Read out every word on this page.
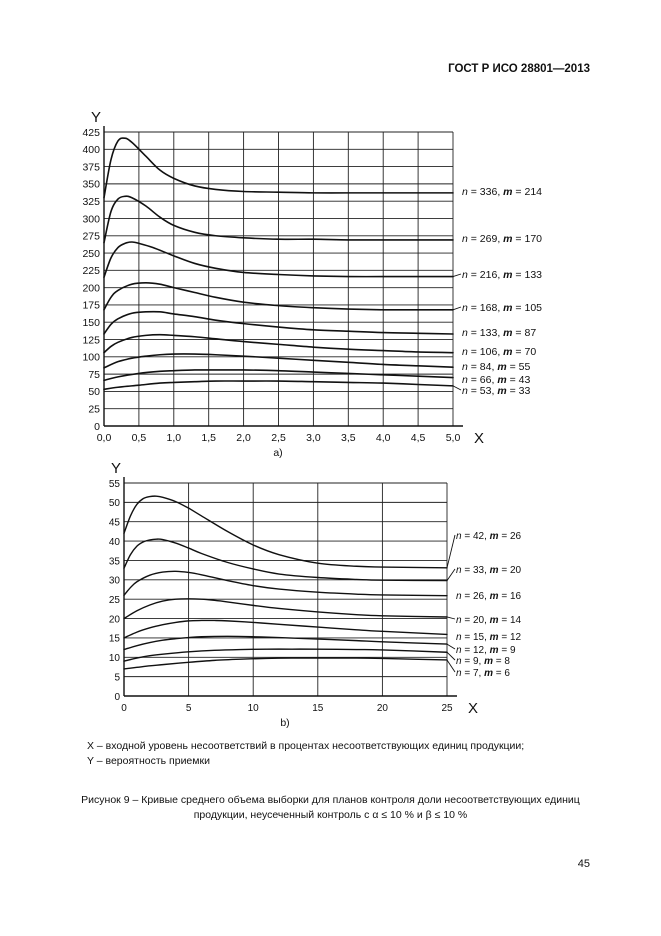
ГОСТ Р ИСО 28801—2013
0
25
50
75
100
125
150
175
200
225
250
275
300
325
350
375
400
425
0,0 0,5 1,0 1,5 2,0 2,5 3,0 3,5 4,0 4,5 5,0
Y
X
a)
n = 336, m = 214
n = 269, m = 170
n = 216, m = 133
n = 168, m = 105
n = 133, m = 87
n = 106, m = 70
n = 84, m = 55
n = 66, m = 43
n = 53, m = 33
0
5
10
15
20
25
30
35
40
45
50
55
0	5	10	15	20	25
Y
X
b)
n = 42, m = 26
n = 33, m = 20
n = 26, m = 16
n = 20, m = 14
n = 15, m = 12
n = 12, m = 9
n = 9, m = 8
n = 7, m = 6
X – входной уровень несоответствий в процентах несоответствующих единиц продукции;
Y – вероятность приемки
Рисунок 9 – Кривые среднего объема выборки для планов контроля доли несоответствующих единиц
продукции, неусеченный контроль с α ≤ 10 % и β ≤ 10 %
45
